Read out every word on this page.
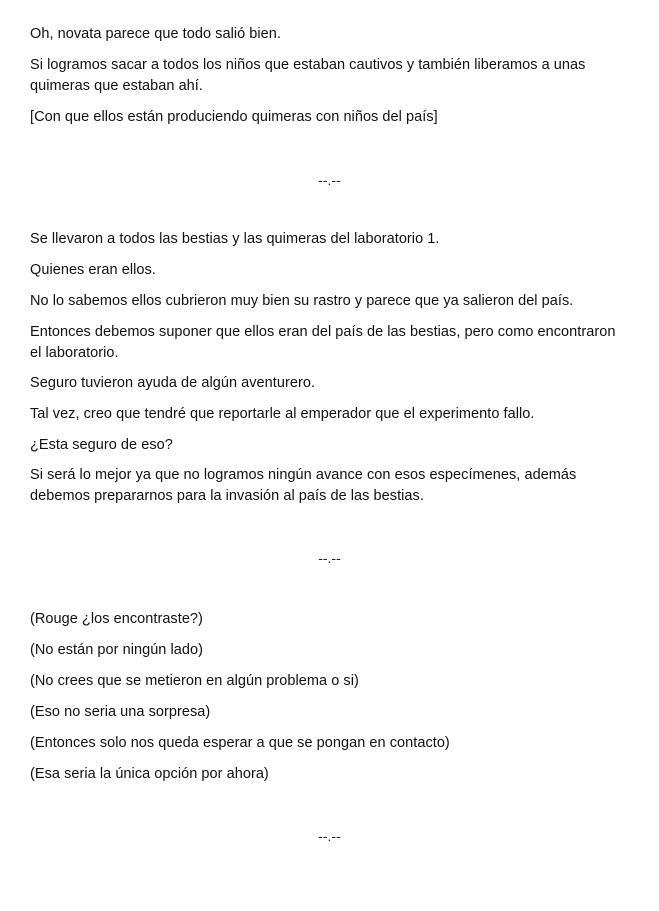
Oh, novata parece que todo salió bien.
Si logramos sacar a todos los niños que estaban cautivos y también liberamos a unas quimeras que estaban ahí.
[Con que ellos están produciendo quimeras con niños del país]
--.--
Se llevaron a todos las bestias y las quimeras del laboratorio 1.
Quienes eran ellos.
No lo sabemos ellos cubrieron muy bien su rastro y parece que ya salieron del país.
Entonces debemos suponer que ellos eran del país de las bestias, pero como encontraron el laboratorio.
Seguro tuvieron ayuda de algún aventurero.
Tal vez, creo que tendré que reportarle al emperador que el experimento fallo.
¿Esta seguro de eso?
Si será lo mejor ya que no logramos ningún avance con esos especímenes, además debemos prepararnos para la invasión al país de las bestias.
--.--
(Rouge ¿los encontraste?)
(No están por ningún lado)
(No crees que se metieron en algún problema o si)
(Eso no seria una sorpresa)
(Entonces solo nos queda esperar a que se pongan en contacto)
(Esa seria la única opción por ahora)
--.--
